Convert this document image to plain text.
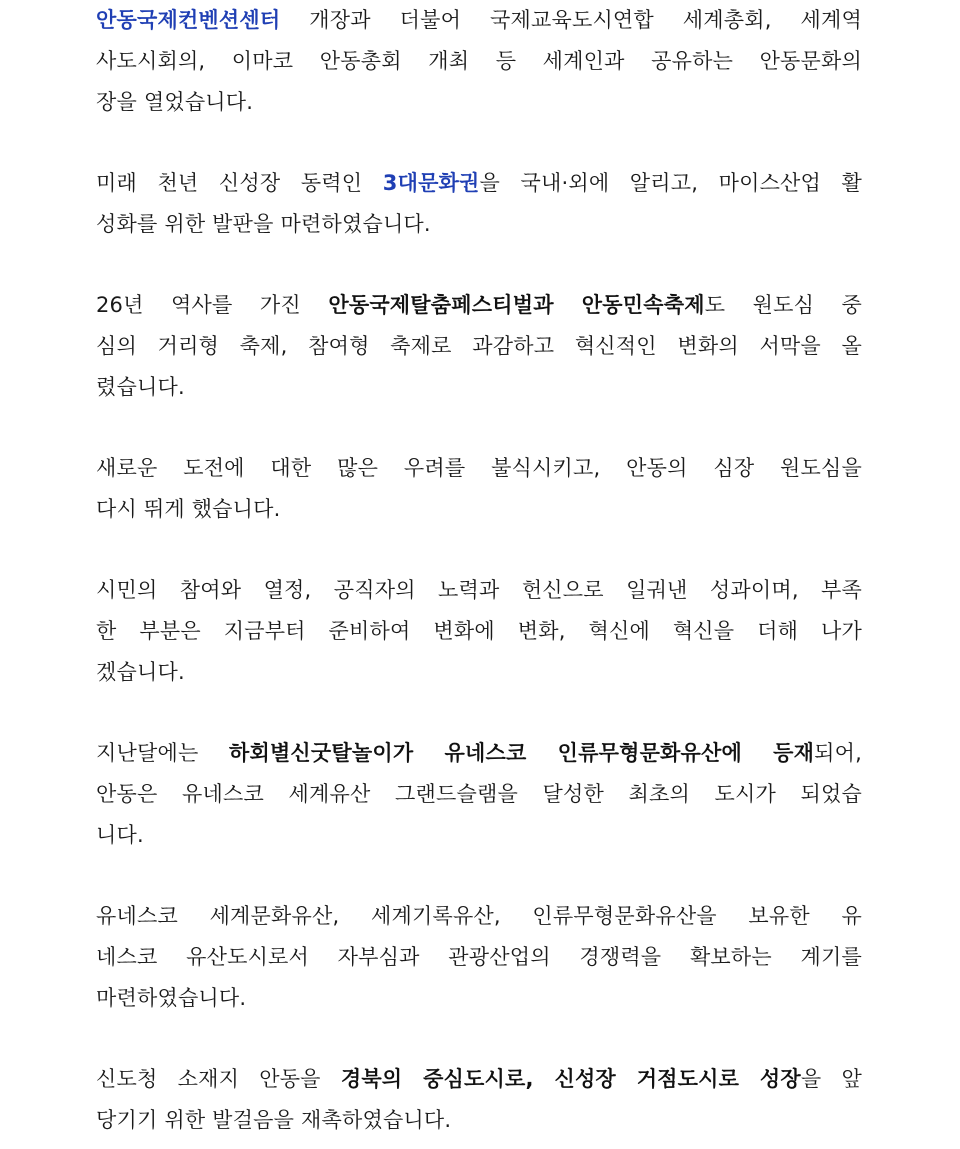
안동국제컨벤션센터 개장과 더불어 국제교육도시연합 세계총회, 세계역
사도시회의, 이마코 안동총회 개최 등 세계인과 공유하는 안동문화의
장을 열었습니다.
미래 천년 신성장 동력인 3대문화권을 국내·외에 알리고, 마이스산업 활
성화를 위한 발판을 마련하였습니다.
26년 역사를 가진 안동국제탈춤페스티벌과 안동민속축제도 원도심 중
심의 거리형 축제, 참여형 축제로 과감하고 혁신적인 변화의 서막을 올
렸습니다.
새로운 도전에 대한 많은 우려를 불식시키고, 안동의 심장 원도심을
다시 뛰게 했습니다.
시민의 참여와 열정, 공직자의 노력과 헌신으로 일궈낸 성과이며, 부족
한 부분은 지금부터 준비하여 변화에 변화, 혁신에 혁신을 더해 나가
겠습니다.
지난달에는 하회별신굿탈놀이가 유네스코 인류무형문화유산에 등재되어,
안동은 유네스코 세계유산 그랜드슬램을 달성한 최초의 도시가 되었습
니다.
유네스코 세계문화유산, 세계기록유산, 인류무형문화유산을 보유한 유
네스코 유산도시로서 자부심과 관광산업의 경쟁력을 확보하는 계기를
마련하였습니다.
신도청 소재지 안동을 경북의 중심도시로, 신성장 거점도시로 성장을 앞
당기기 위한 발걸음을 재촉하였습니다.
